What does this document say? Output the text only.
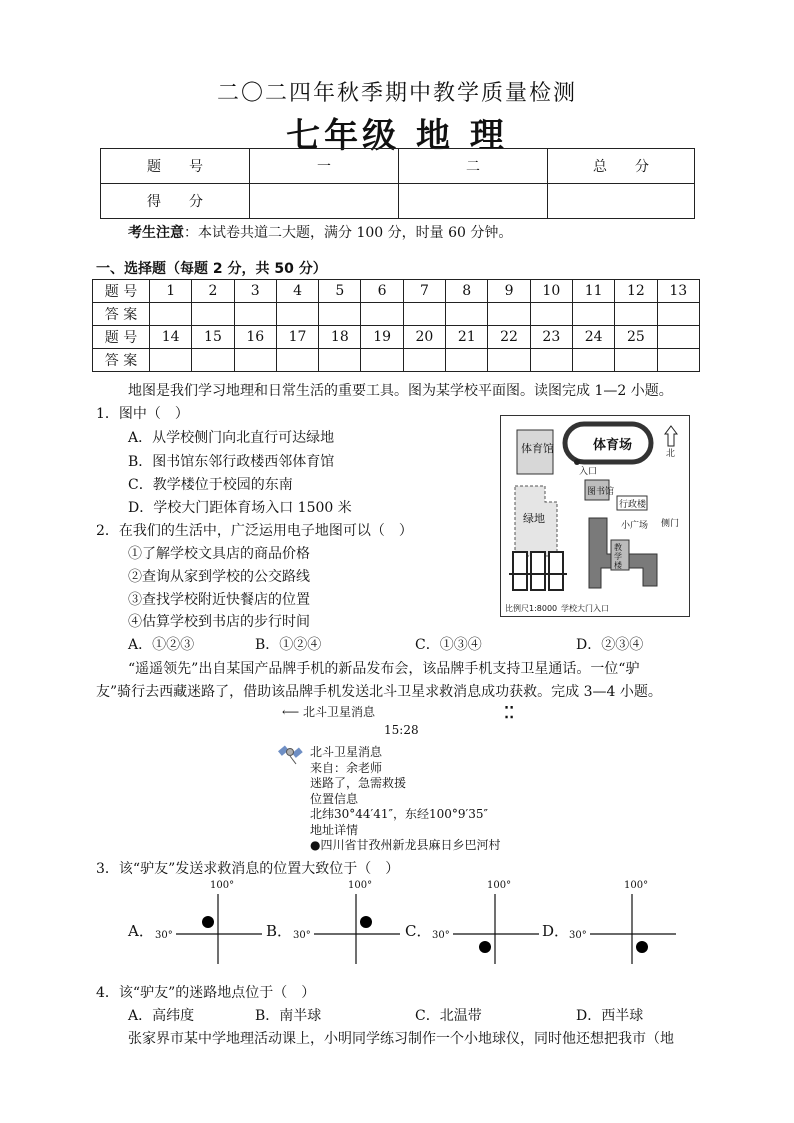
二〇二四年秋季期中教学质量检测
七年级 地 理
题　　号	一	二	总　　分
得　　分			
考生注意：本试卷共道二大题，满分 100 分，时量 60 分钟。
一、选择题（每题 2 分，共 50 分）
题 号	1	2	3	4	5	6	7	8	9	10	11	12	13
答 案													
题 号	14	15	16	17	18	19	20	21	22	23	24	25	
答 案													
地图是我们学习地理和日常生活的重要工具。图为某学校平面图。读图完成 1—2 小题。
1．图中（　）
A．从学校侧门向北直行可达绿地
B．图书馆东邻行政楼西邻体育馆
C．教学楼位于校园的东南
D．学校大门距体育场入口 1500 米
2．在我们的生活中，广泛运用电子地图可以（　）
①了解学校文具店的商品价格
②查询从家到学校的公交路线
③查找学校附近快餐店的位置
④估算学校到书店的步行时间
A．①②③	B．①②④	C．①③④	D．②③④
体育馆	体育场
入口
图书馆
行政楼
绿地
小广场 侧门
教学楼
北
比例尺1:8000 学校大门入口
“遥遥领先”出自某国产品牌手机的新品发布会，该品牌手机支持卫星通话。一位“驴
友”骑行去西藏迷路了，借助该品牌手机发送北斗卫星求救消息成功获救。完成 3—4 小题。
⟵ 北斗卫星消息	⁚⁚
15:28
北斗卫星消息
来自：余老师
迷路了，急需救援
位置信息
北纬30°44′41″，东经100°9′35″
地址详情
●四川省甘孜州新龙县麻日乡巴河村
3．该“驴友”发送求救消息的位置大致位于（　）
A．
100°
30°	B．
100°
30°	C．
100°
30°	D．
100°
30°
4．该“驴友”的迷路地点位于（　）
A．高纬度	B．南半球	C．北温带	D．西半球
张家界市某中学地理活动课上，小明同学练习制作一个小地球仪，同时他还想把我市（地
